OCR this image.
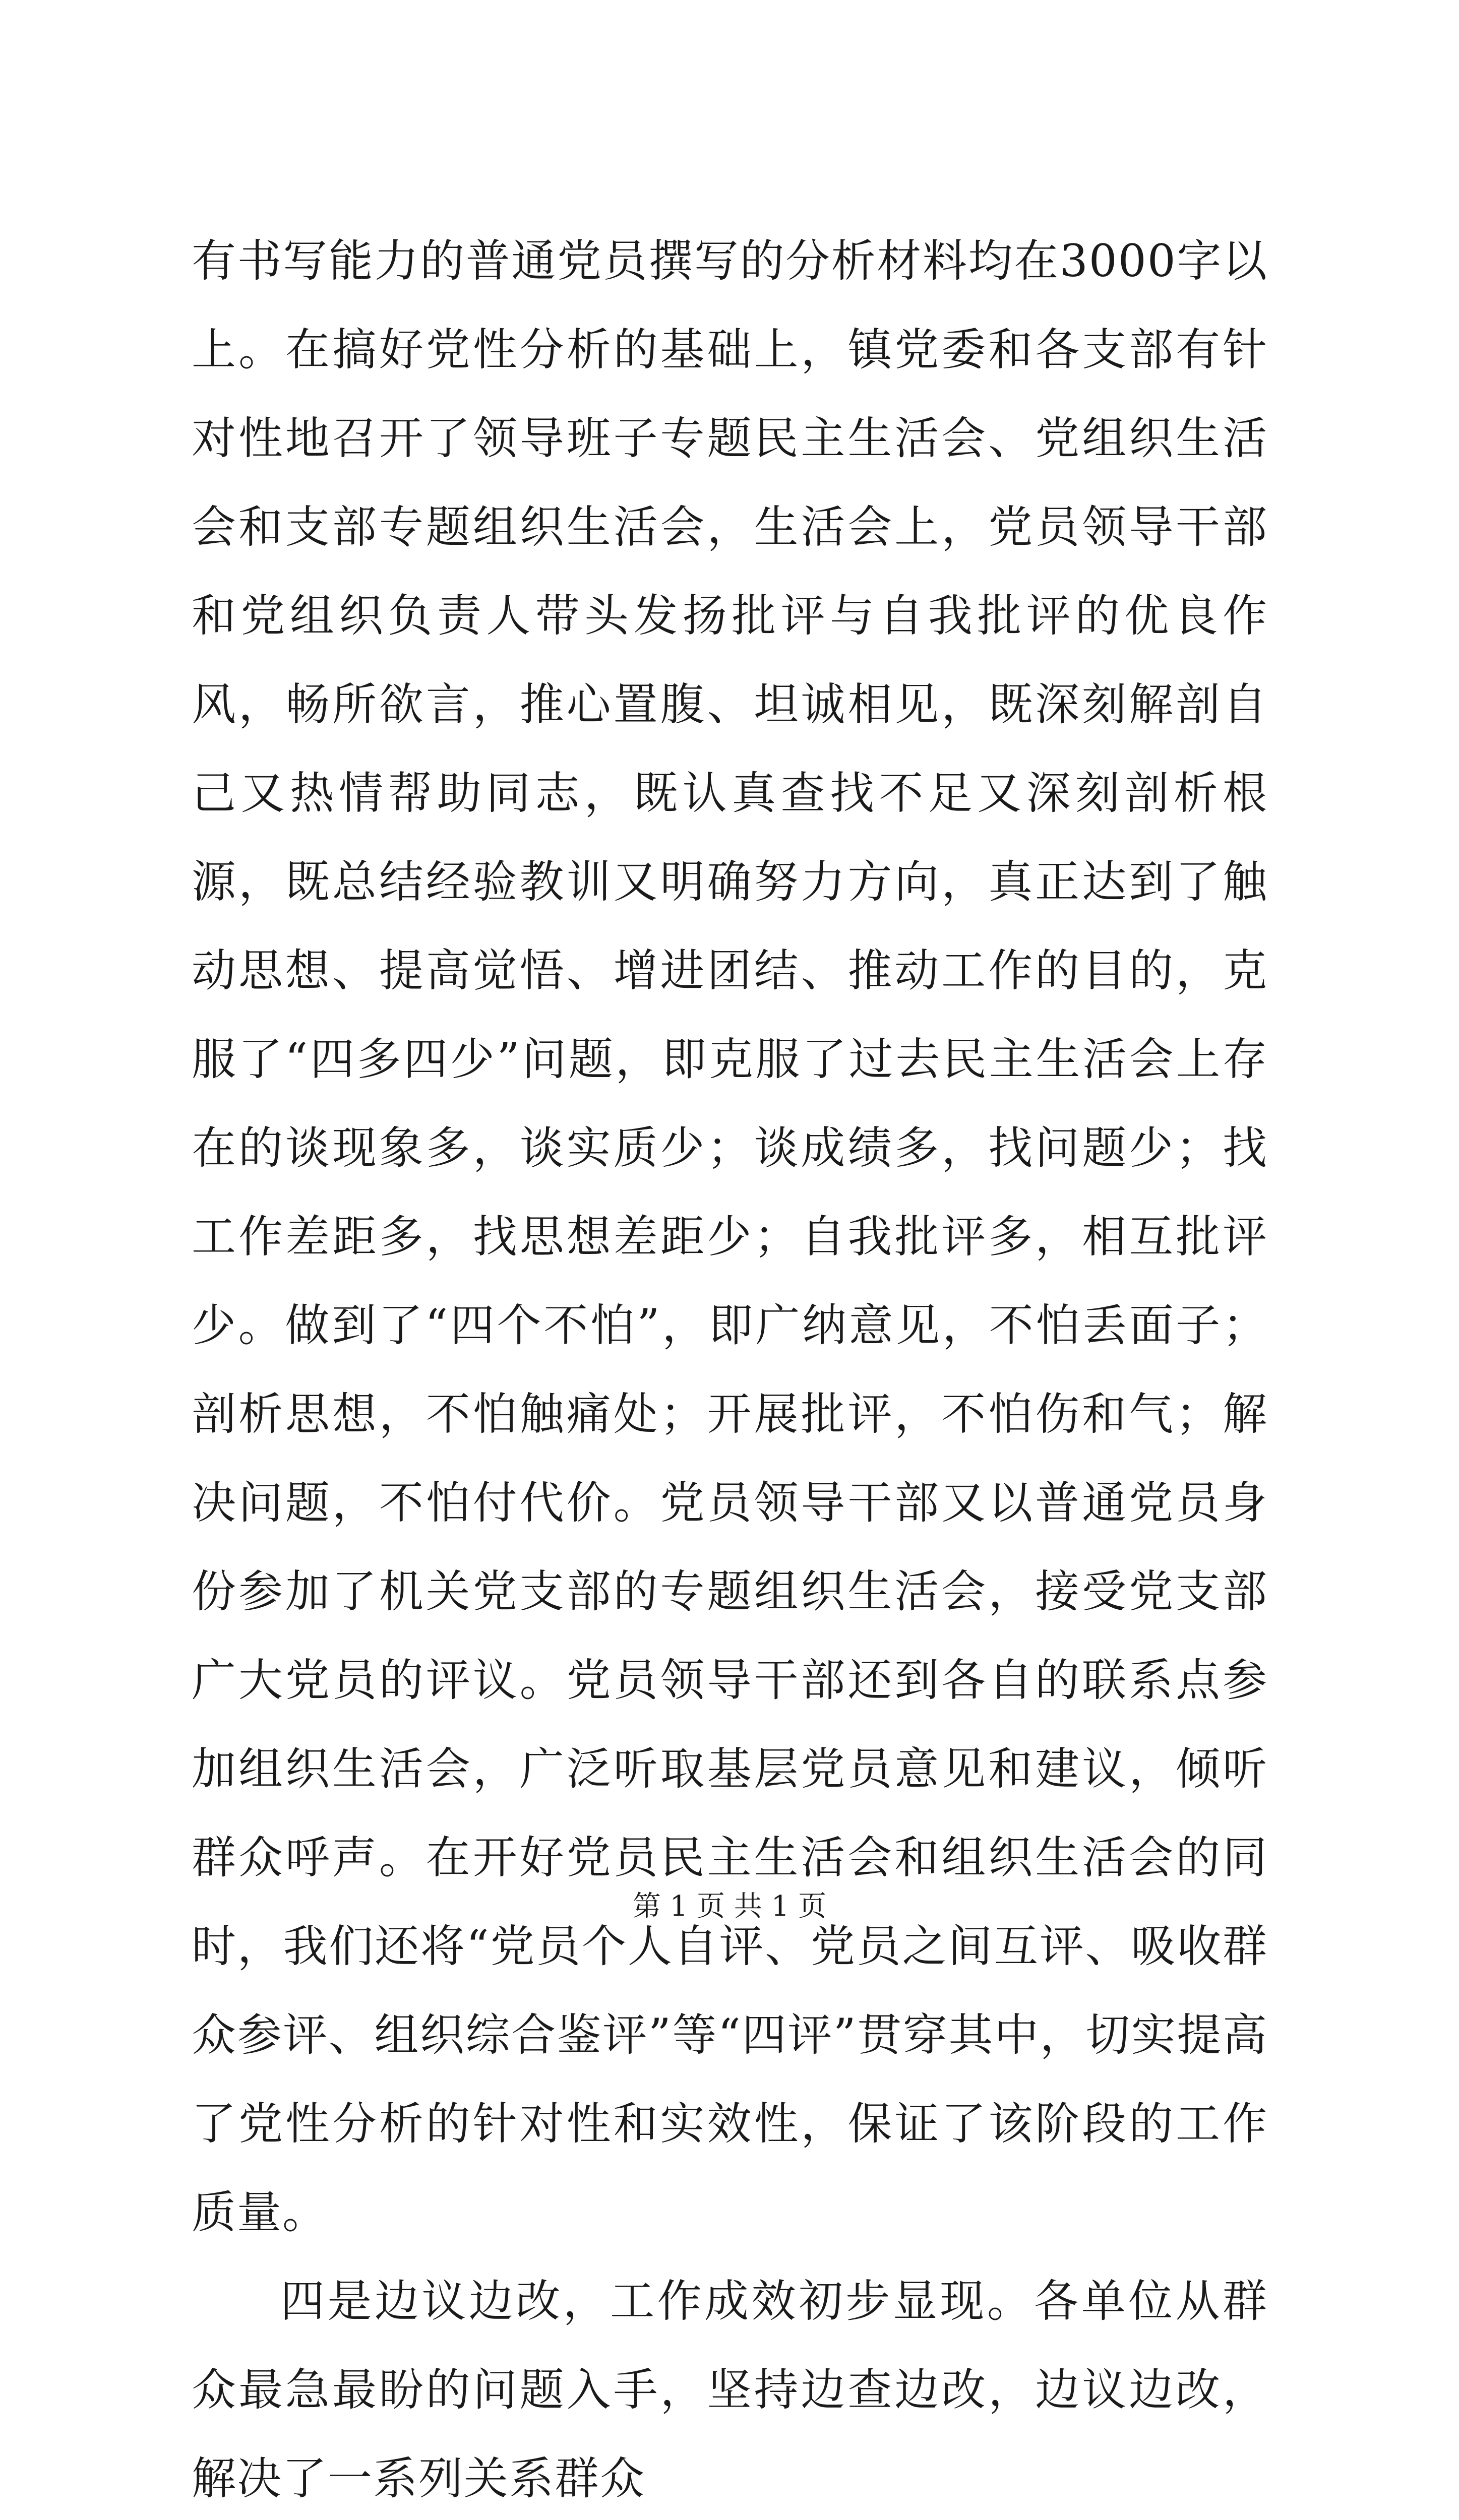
有书写能力的普通党员撰写的分析材料均在3000字以上。在搞好党性分析的基础上，镇党委和各支部有针对性地召开了领导班子专题民主生活会、党组织生活会和支部专题组织生活会，生活会上，党员领导干部和党组织负责人带头发扬批评与自我批评的优良作风，畅所欲言，推心置腹、坦诚相见，既深刻解剖自己又热情帮助同志，既认真查找不足又深刻剖析根源，既总结经验教训又明确努力方向，真正达到了触动思想、提高觉悟、增进团结、推动工作的目的，克服了“四多四少”问题，即克服了过去民主生活会上存在的谈现象多，谈实质少；谈成绩多，找问题少；找工作差距多，找思想差距少；自我批评多，相互批评少。做到了“四个不怕”，即广纳意见，不怕丢面子；剖析思想，不怕触痛处；开展批评，不怕伤和气；解决问题，不怕付代价。党员领导干部又以普通党员身份参加了机关党支部的专题组织生活会，接受党支部广大党员的评议。党员领导干部还到各自的联系点参加组织生活会，广泛听取基层党员意见和建议，倾听群众呼声。在开好党员民主生活会和组织生活会的同时，我们还将“党员个人自评、党员之间互评、吸收群众参评、组织综合鉴评”等“四评”贯穿其中，切实提高了党性分析的针对性和实效性，保证了该阶段的工作质量。

四是边议边改，工作成效初步显现。各单位从群众最急最盼的问题入手，坚持边查边改，边议边改，解决了一系列关系群众

第 1 页 共 1 页
